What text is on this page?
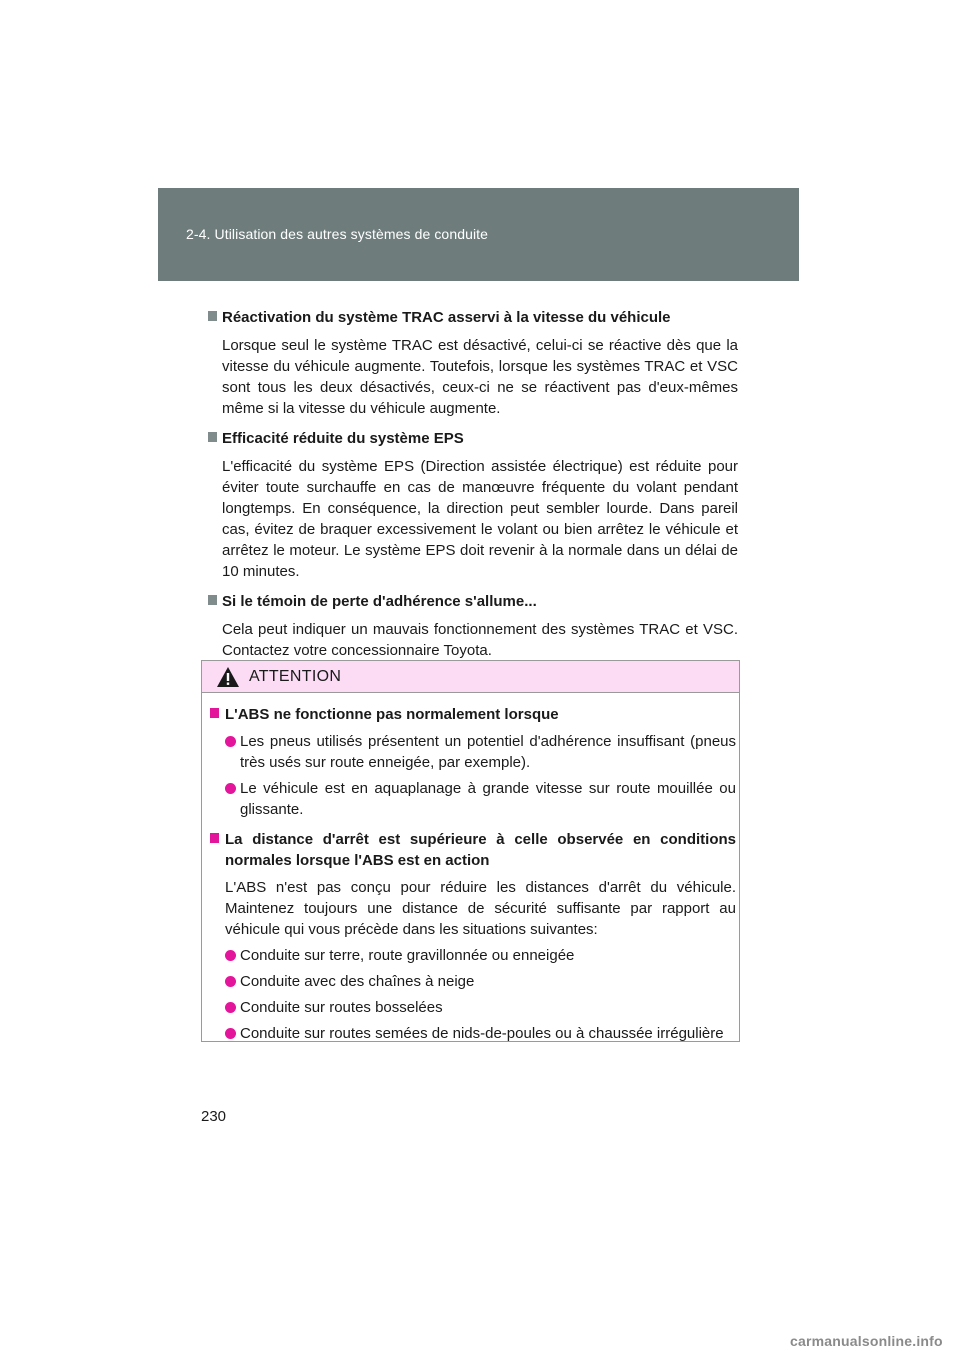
2-4. Utilisation des autres systèmes de conduite
Réactivation du système TRAC asservi à la vitesse du véhicule
Lorsque seul le système TRAC est désactivé, celui-ci se réactive dès que la vitesse du véhicule augmente. Toutefois, lorsque les systèmes TRAC et VSC sont tous les deux désactivés, ceux-ci ne se réactivent pas d'eux-mêmes même si la vitesse du véhicule augmente.
Efficacité réduite du système EPS
L'efficacité du système EPS (Direction assistée électrique) est réduite pour éviter toute surchauffe en cas de manœuvre fréquente du volant pendant longtemps. En conséquence, la direction peut sembler lourde. Dans pareil cas, évitez de braquer excessivement le volant ou bien arrêtez le véhicule et arrêtez le moteur. Le système EPS doit revenir à la normale dans un délai de 10 minutes.
Si le témoin de perte d'adhérence s'allume...
Cela peut indiquer un mauvais fonctionnement des systèmes TRAC et VSC. Contactez votre concessionnaire Toyota.
ATTENTION
L'ABS ne fonctionne pas normalement lorsque
Les pneus utilisés présentent un potentiel d'adhérence insuffisant (pneus très usés sur route enneigée, par exemple).
Le véhicule est en aquaplanage à grande vitesse sur route mouillée ou glissante.
La distance d'arrêt est supérieure à celle observée en conditions normales lorsque l'ABS est en action
L'ABS n'est pas conçu pour réduire les distances d'arrêt du véhicule. Maintenez toujours une distance de sécurité suffisante par rapport au véhicule qui vous précède dans les situations suivantes:
Conduite sur terre, route gravillonnée ou enneigée
Conduite avec des chaînes à neige
Conduite sur routes bosselées
Conduite sur routes semées de nids-de-poules ou à chaussée irrégulière
230
carmanualsonline.info
